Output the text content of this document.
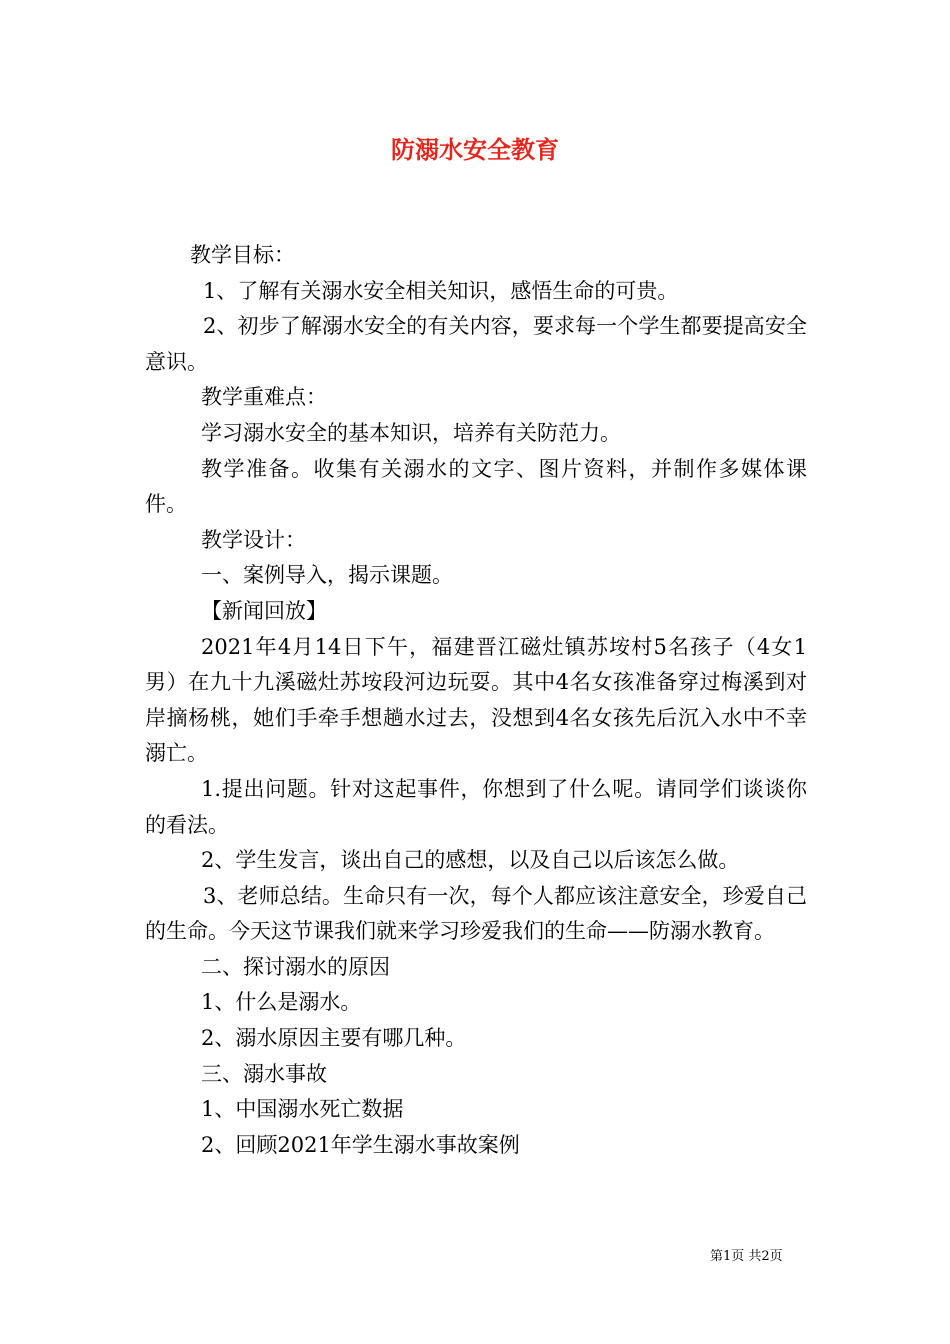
防溺水安全教育

教学目标：

1、了解有关溺水安全相关知识，感悟生命的可贵。

2、初步了解溺水安全的有关内容，要求每一个学生都要提高安全意识。

教学重难点：

学习溺水安全的基本知识，培养有关防范力。

教学准备。收集有关溺水的文字、图片资料，并制作多媒体课件。

教学设计：

一、案例导入，揭示课题。

【新闻回放】

2021年4月14日下午，福建晋江磁灶镇苏垵村5名孩子（4女1男）在九十九溪磁灶苏垵段河边玩耍。其中4名女孩准备穿过梅溪到对岸摘杨桃，她们手牵手想趟水过去，没想到4名女孩先后沉入水中不幸溺亡。

1.提出问题。针对这起事件，你想到了什么呢。请同学们谈谈你的看法。

2、学生发言，谈出自己的感想，以及自己以后该怎么做。

3、老师总结。生命只有一次，每个人都应该注意安全，珍爱自己的生命。今天这节课我们就来学习珍爱我们的生命——防溺水教育。

二、探讨溺水的原因

1、什么是溺水。

2、溺水原因主要有哪几种。

三、溺水事故

1、中国溺水死亡数据

2、回顾2021年学生溺水事故案例

第1页 共2页
